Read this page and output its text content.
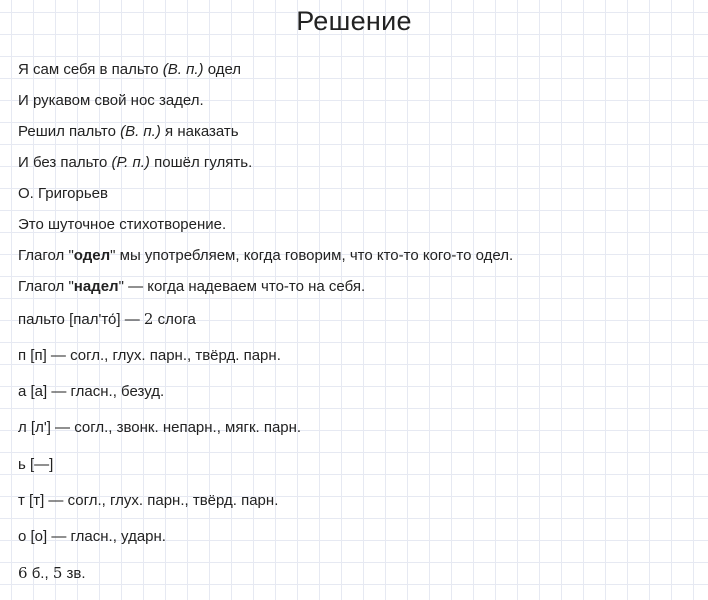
Решение
Я сам себя в пальто (В. п.) одел
И рукавом свой нос задел.
Решил пальто (В. п.) я наказать
И без пальто (Р. п.) пошёл гулять.
О. Григорьев
Это шуточное стихотворение.
Глагол "одел" мы употребляем, когда говорим, что кто-то кого-то одел.
Глагол "надел" — когда надеваем что-то на себя.
пальто [пал'то́] — 2 слога
п [п] — согл., глух. парн., твёрд. парн.
а [а] — гласн., безуд.
л [л'] — согл., звонк. непарн., мягк. парн.
ь [—]
т [т] — согл., глух. парн., твёрд. парн.
о [о] — гласн., ударн.
6 б., 5 зв.
